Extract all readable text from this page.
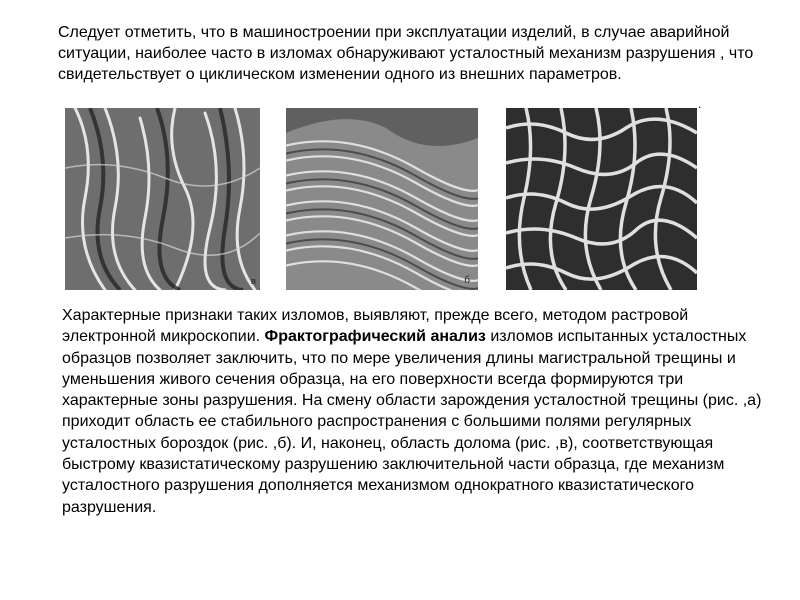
Следует отметить, что в машиностроении при эксплуатации изделий, в случае аварийной ситуации, наиболее часто в изломах обнаруживают усталостный механизм разрушения , что свидетельствует о циклическом изменении одного из внешних параметров.
.

в	б

Характерные признаки таких изломов, выявляют, прежде всего, методом растровой электронной микроскопии. Фрактографический анализ изломов испытанных усталостных образцов позволяет заключить, что по мере увеличения длины магистральной трещины и уменьшения живого сечения образца, на его поверхности всегда формируются три характерные зоны разрушения. На смену области зарождения усталостной трещины (рис. ,а) приходит область ее стабильного распространения с большими полями регулярных усталостных бороздок (рис. ,б). И, наконец, область долома (рис. ,в), соответствующая быстрому квазистатическому разрушению заключительной части образца, где механизм усталостного разрушения дополняется механизмом однократного квазистатического разрушения.
